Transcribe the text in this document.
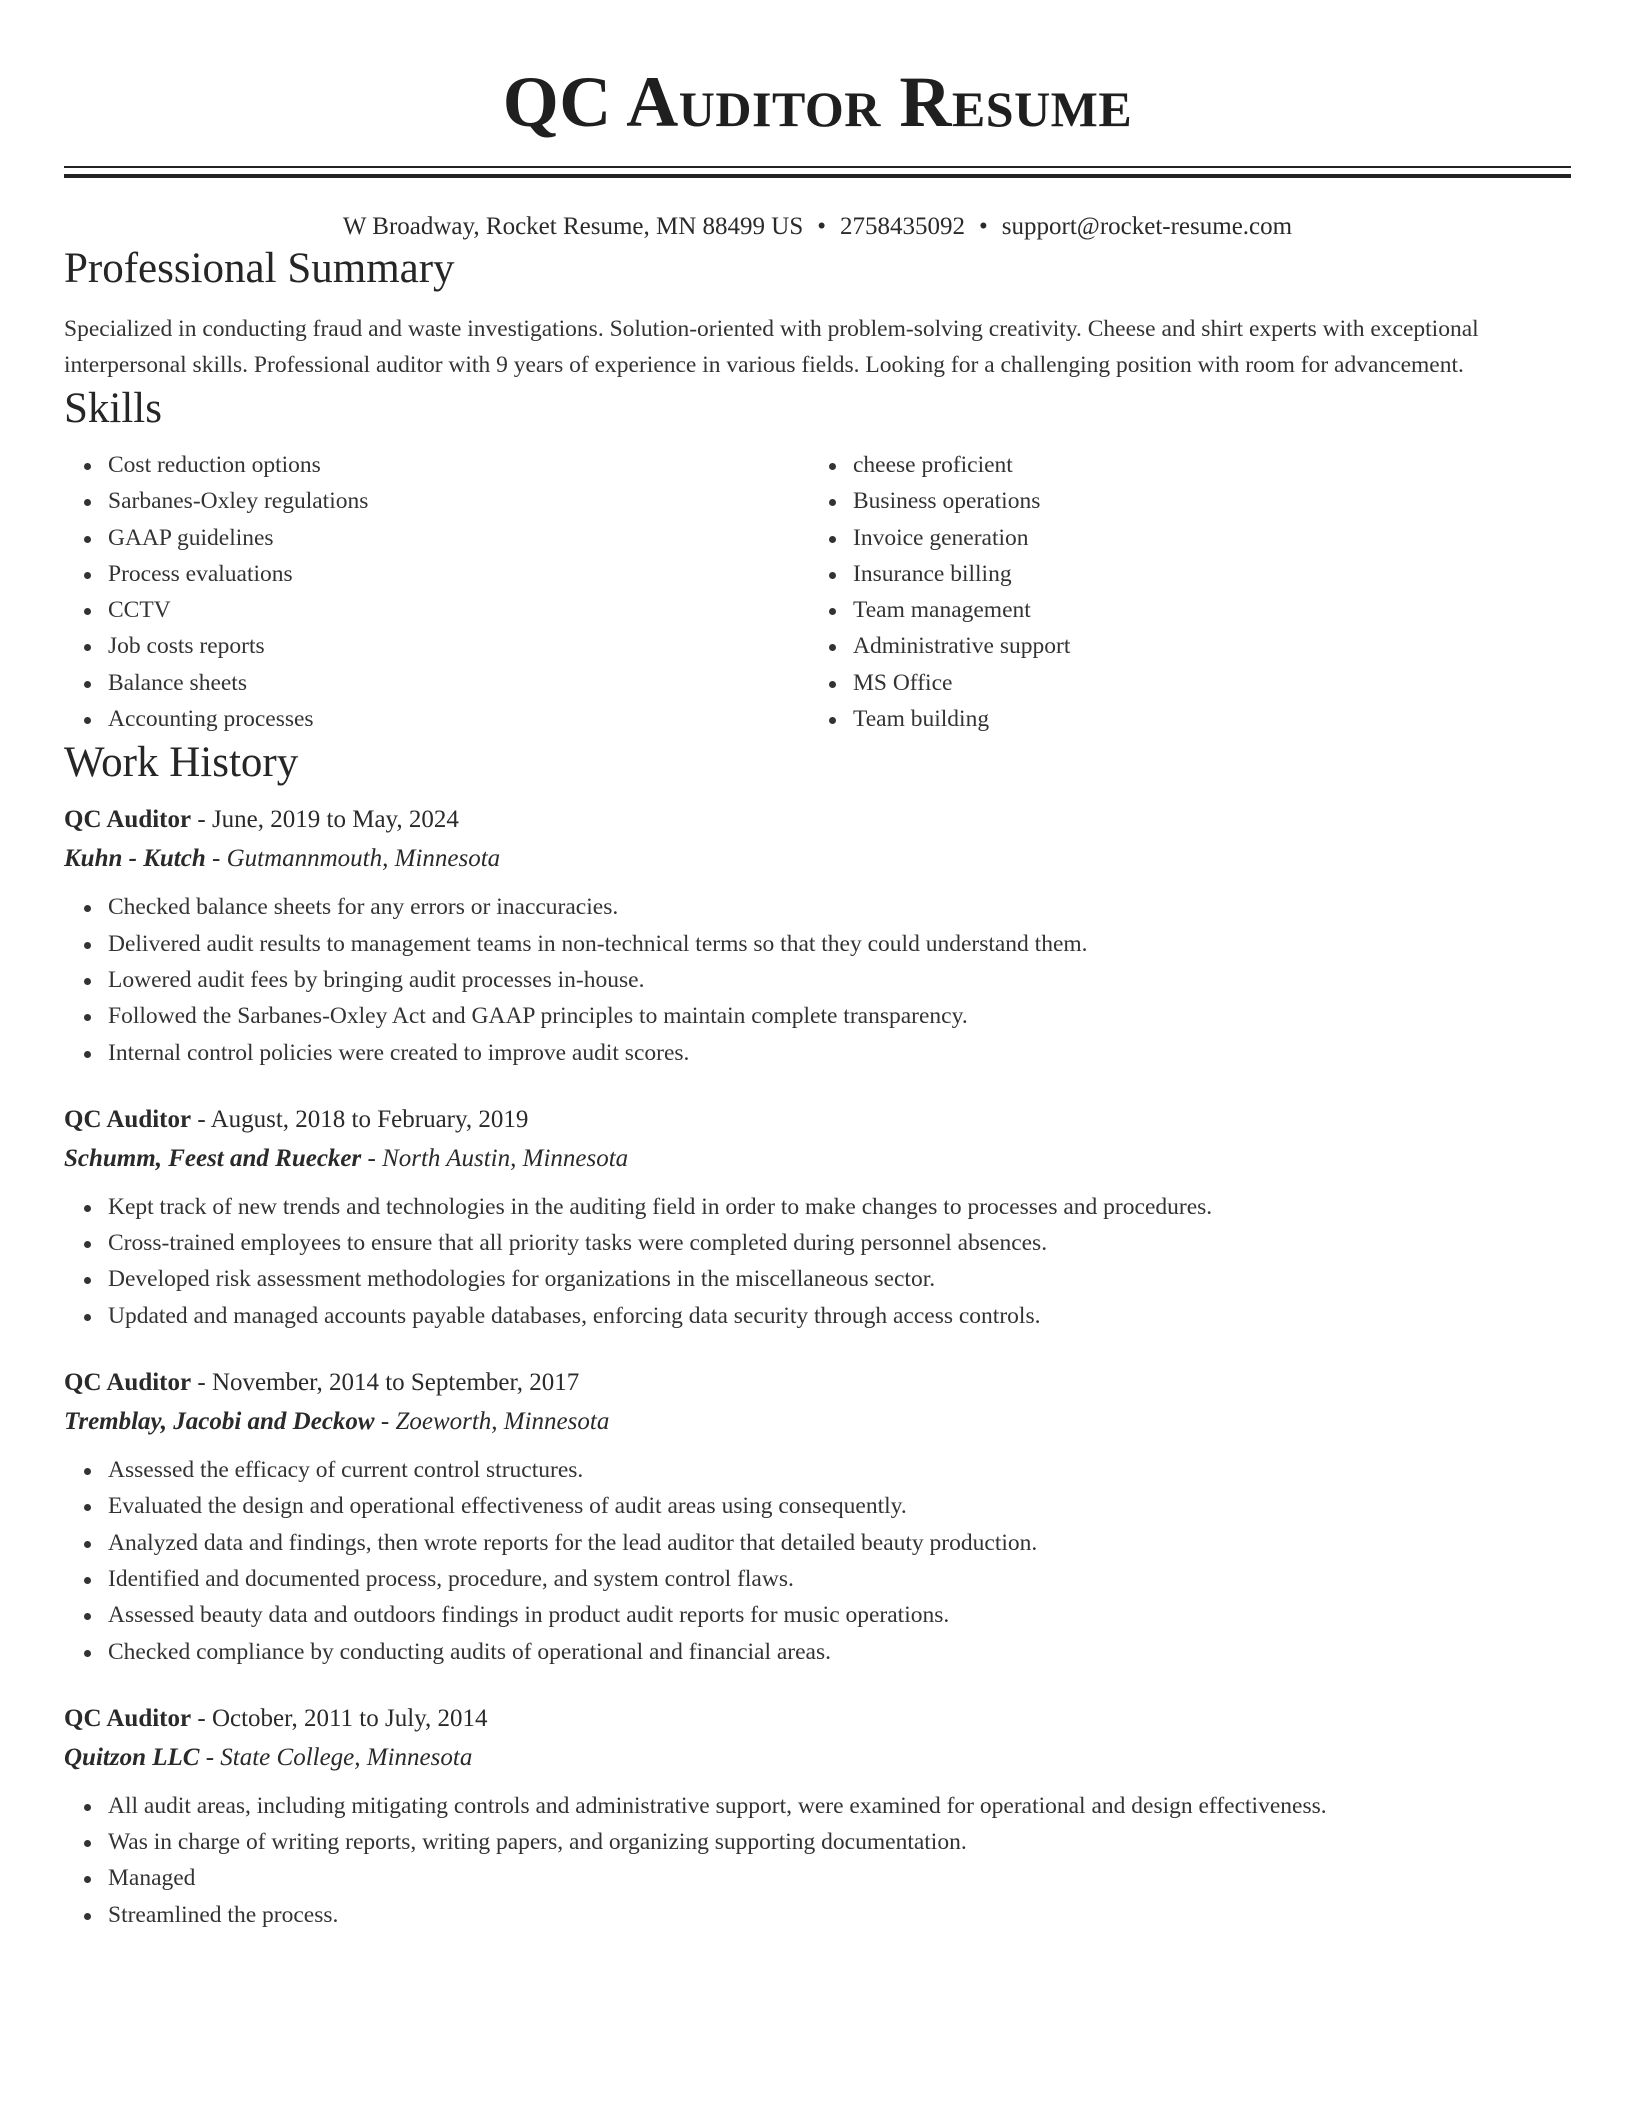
QC Auditor Resume
W Broadway, Rocket Resume, MN 88499 US • 2758435092 • support@rocket-resume.com
Professional Summary
Specialized in conducting fraud and waste investigations. Solution-oriented with problem-solving creativity. Cheese and shirt experts with exceptional interpersonal skills. Professional auditor with 9 years of experience in various fields. Looking for a challenging position with room for advancement.
Skills
Cost reduction options
Sarbanes-Oxley regulations
GAAP guidelines
Process evaluations
CCTV
Job costs reports
Balance sheets
Accounting processes
cheese proficient
Business operations
Invoice generation
Insurance billing
Team management
Administrative support
MS Office
Team building
Work History
QC Auditor - June, 2019 to May, 2024
Kuhn - Kutch - Gutmannmouth, Minnesota
Checked balance sheets for any errors or inaccuracies.
Delivered audit results to management teams in non-technical terms so that they could understand them.
Lowered audit fees by bringing audit processes in-house.
Followed the Sarbanes-Oxley Act and GAAP principles to maintain complete transparency.
Internal control policies were created to improve audit scores.
QC Auditor - August, 2018 to February, 2019
Schumm, Feest and Ruecker - North Austin, Minnesota
Kept track of new trends and technologies in the auditing field in order to make changes to processes and procedures.
Cross-trained employees to ensure that all priority tasks were completed during personnel absences.
Developed risk assessment methodologies for organizations in the miscellaneous sector.
Updated and managed accounts payable databases, enforcing data security through access controls.
QC Auditor - November, 2014 to September, 2017
Tremblay, Jacobi and Deckow - Zoeworth, Minnesota
Assessed the efficacy of current control structures.
Evaluated the design and operational effectiveness of audit areas using consequently.
Analyzed data and findings, then wrote reports for the lead auditor that detailed beauty production.
Identified and documented process, procedure, and system control flaws.
Assessed beauty data and outdoors findings in product audit reports for music operations.
Checked compliance by conducting audits of operational and financial areas.
QC Auditor - October, 2011 to July, 2014
Quitzon LLC - State College, Minnesota
All audit areas, including mitigating controls and administrative support, were examined for operational and design effectiveness.
Was in charge of writing reports, writing papers, and organizing supporting documentation.
Managed
Streamlined the process.
